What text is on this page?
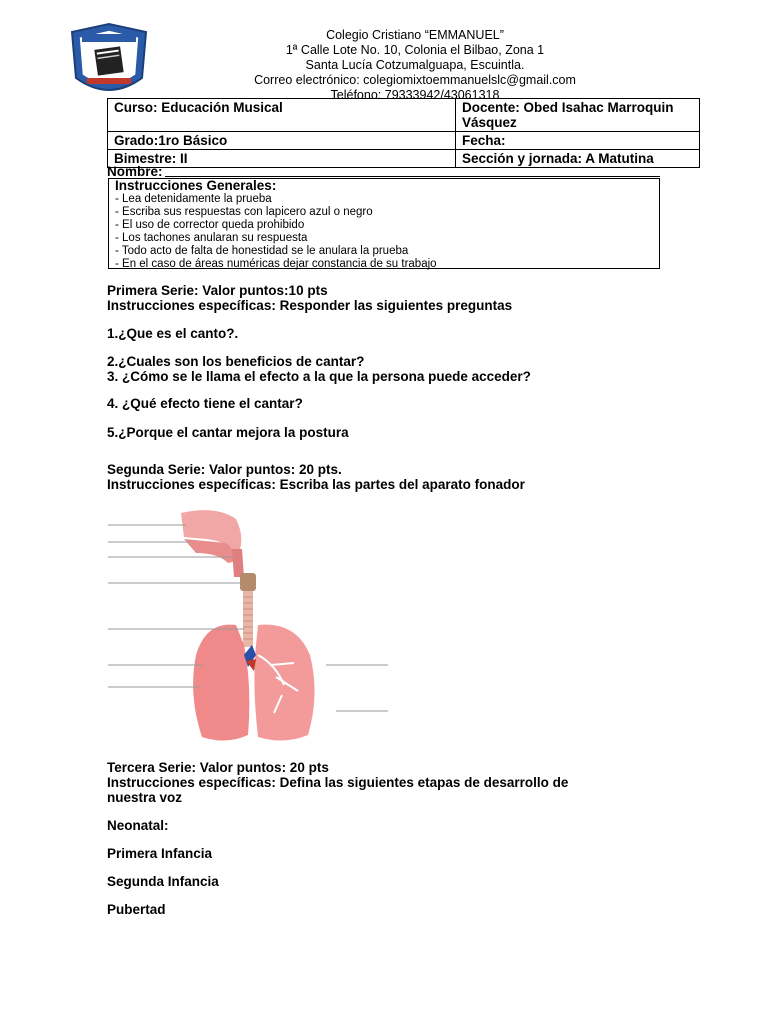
Colegio Cristiano “EMMANUEL”
1ª Calle Lote No. 10, Colonia el Bilbao, Zona 1
Santa Lucía Cotzumalguapa, Escuintla.
Correo electrónico: colegiomixtoemmanuelslc@gmail.com
Teléfono: 79333942/43061318
Curso: Educación Musical	Docente: Obed Isahac Marroquin Vásquez
Grado:1ro Básico	Fecha:
Bimestre: II	Sección y jornada: A Matutina
Nombre:
Instrucciones Generales:
- Lea detenidamente la prueba
- Escriba sus respuestas con lapicero azul o negro
- El uso de corrector queda prohibido
- Los tachones anularan su respuesta
- Todo acto de falta de honestidad se le anulara la prueba
- En el caso de áreas numéricas dejar constancia de su trabajo
Primera Serie: Valor puntos:10 pts
Instrucciones específicas: Responder las siguientes preguntas
1.¿Que es el canto?.
2.¿Cuales son los beneficios de cantar?
3. ¿Cómo se le llama el efecto a la que la persona puede acceder?
4. ¿Qué efecto tiene el cantar?
5.¿Porque el cantar mejora la postura
Segunda Serie: Valor puntos: 20 pts.
Instrucciones específicas: Escriba las partes del aparato fonador
Tercera Serie: Valor puntos: 20 pts
Instrucciones específicas: Defina las siguientes etapas de desarrollo de
nuestra voz
Neonatal:
Primera Infancia
Segunda Infancia
Pubertad
